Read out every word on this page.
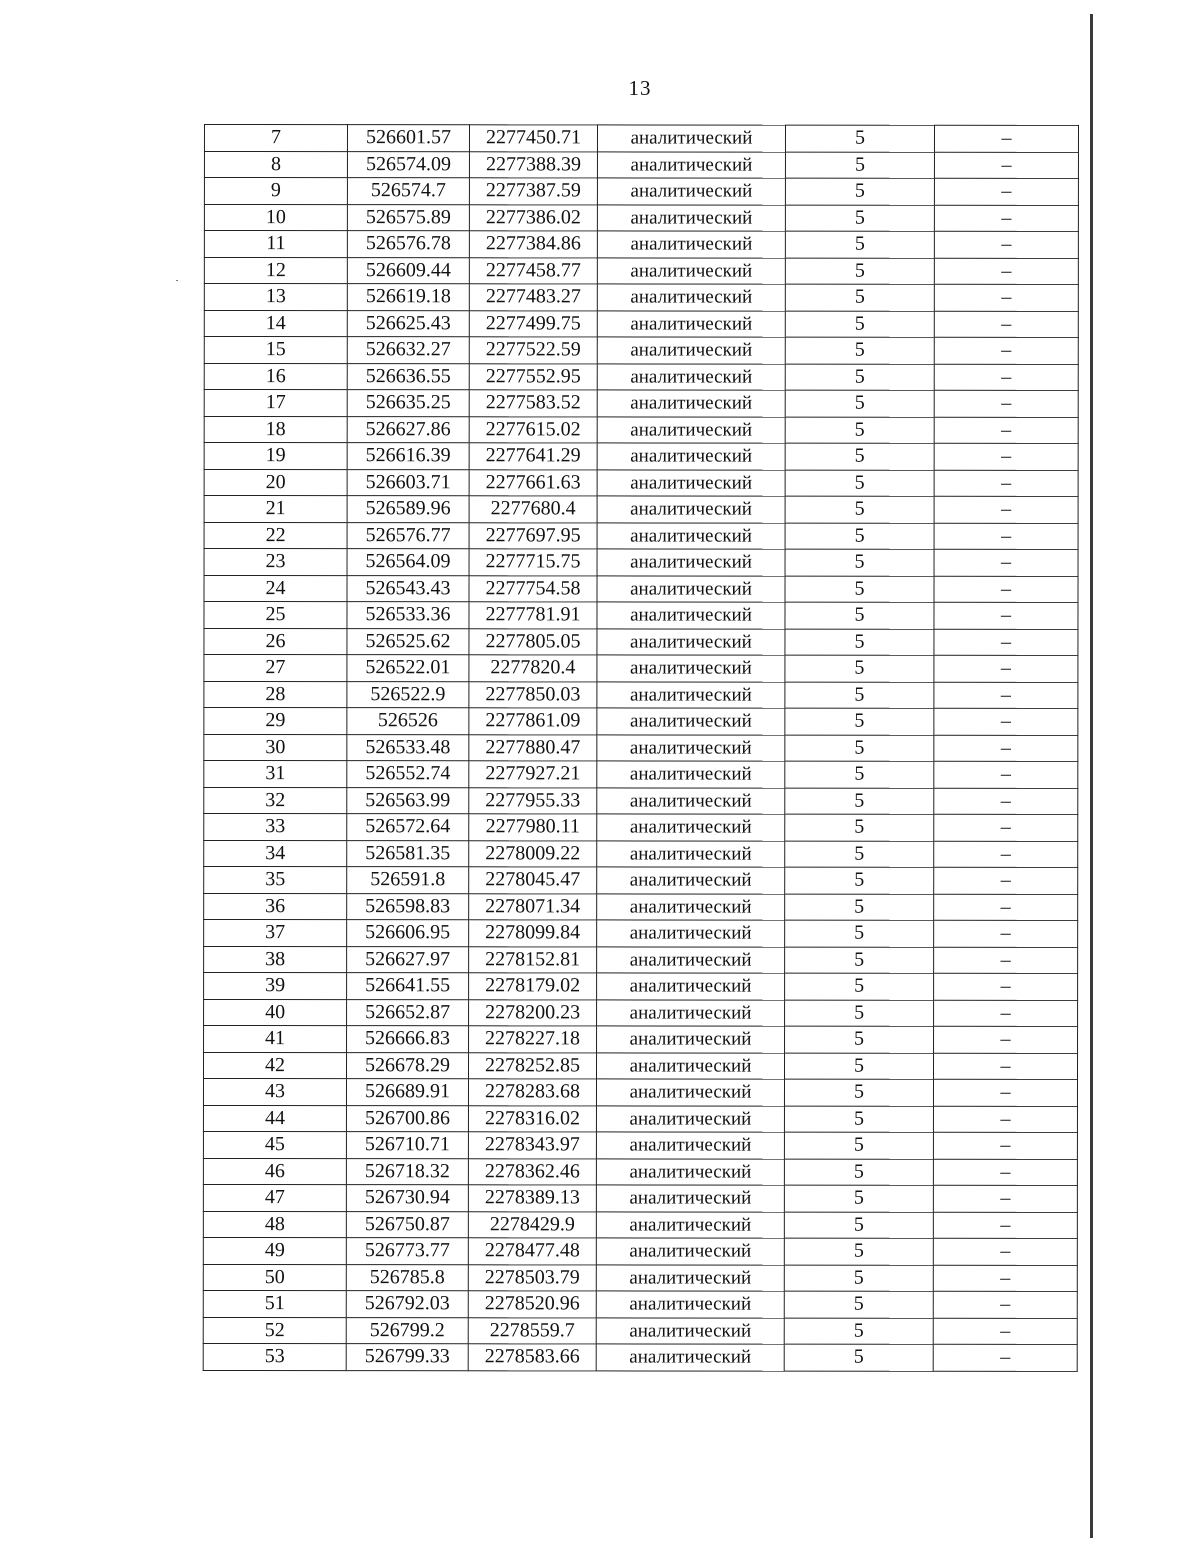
13
7	526601.57	2277450.71	аналитический	5	–
8	526574.09	2277388.39	аналитический	5	–
9	526574.7	2277387.59	аналитический	5	–
10	526575.89	2277386.02	аналитический	5	–
11	526576.78	2277384.86	аналитический	5	–
12	526609.44	2277458.77	аналитический	5	–
13	526619.18	2277483.27	аналитический	5	–
14	526625.43	2277499.75	аналитический	5	–
15	526632.27	2277522.59	аналитический	5	–
16	526636.55	2277552.95	аналитический	5	–
17	526635.25	2277583.52	аналитический	5	–
18	526627.86	2277615.02	аналитический	5	–
19	526616.39	2277641.29	аналитический	5	–
20	526603.71	2277661.63	аналитический	5	–
21	526589.96	2277680.4	аналитический	5	–
22	526576.77	2277697.95	аналитический	5	–
23	526564.09	2277715.75	аналитический	5	–
24	526543.43	2277754.58	аналитический	5	–
25	526533.36	2277781.91	аналитический	5	–
26	526525.62	2277805.05	аналитический	5	–
27	526522.01	2277820.4	аналитический	5	–
28	526522.9	2277850.03	аналитический	5	–
29	526526	2277861.09	аналитический	5	–
30	526533.48	2277880.47	аналитический	5	–
31	526552.74	2277927.21	аналитический	5	–
32	526563.99	2277955.33	аналитический	5	–
33	526572.64	2277980.11	аналитический	5	–
34	526581.35	2278009.22	аналитический	5	–
35	526591.8	2278045.47	аналитический	5	–
36	526598.83	2278071.34	аналитический	5	–
37	526606.95	2278099.84	аналитический	5	–
38	526627.97	2278152.81	аналитический	5	–
39	526641.55	2278179.02	аналитический	5	–
40	526652.87	2278200.23	аналитический	5	–
41	526666.83	2278227.18	аналитический	5	–
42	526678.29	2278252.85	аналитический	5	–
43	526689.91	2278283.68	аналитический	5	–
44	526700.86	2278316.02	аналитический	5	–
45	526710.71	2278343.97	аналитический	5	–
46	526718.32	2278362.46	аналитический	5	–
47	526730.94	2278389.13	аналитический	5	–
48	526750.87	2278429.9	аналитический	5	–
49	526773.77	2278477.48	аналитический	5	–
50	526785.8	2278503.79	аналитический	5	–
51	526792.03	2278520.96	аналитический	5	–
52	526799.2	2278559.7	аналитический	5	–
53	526799.33	2278583.66	аналитический	5	–
